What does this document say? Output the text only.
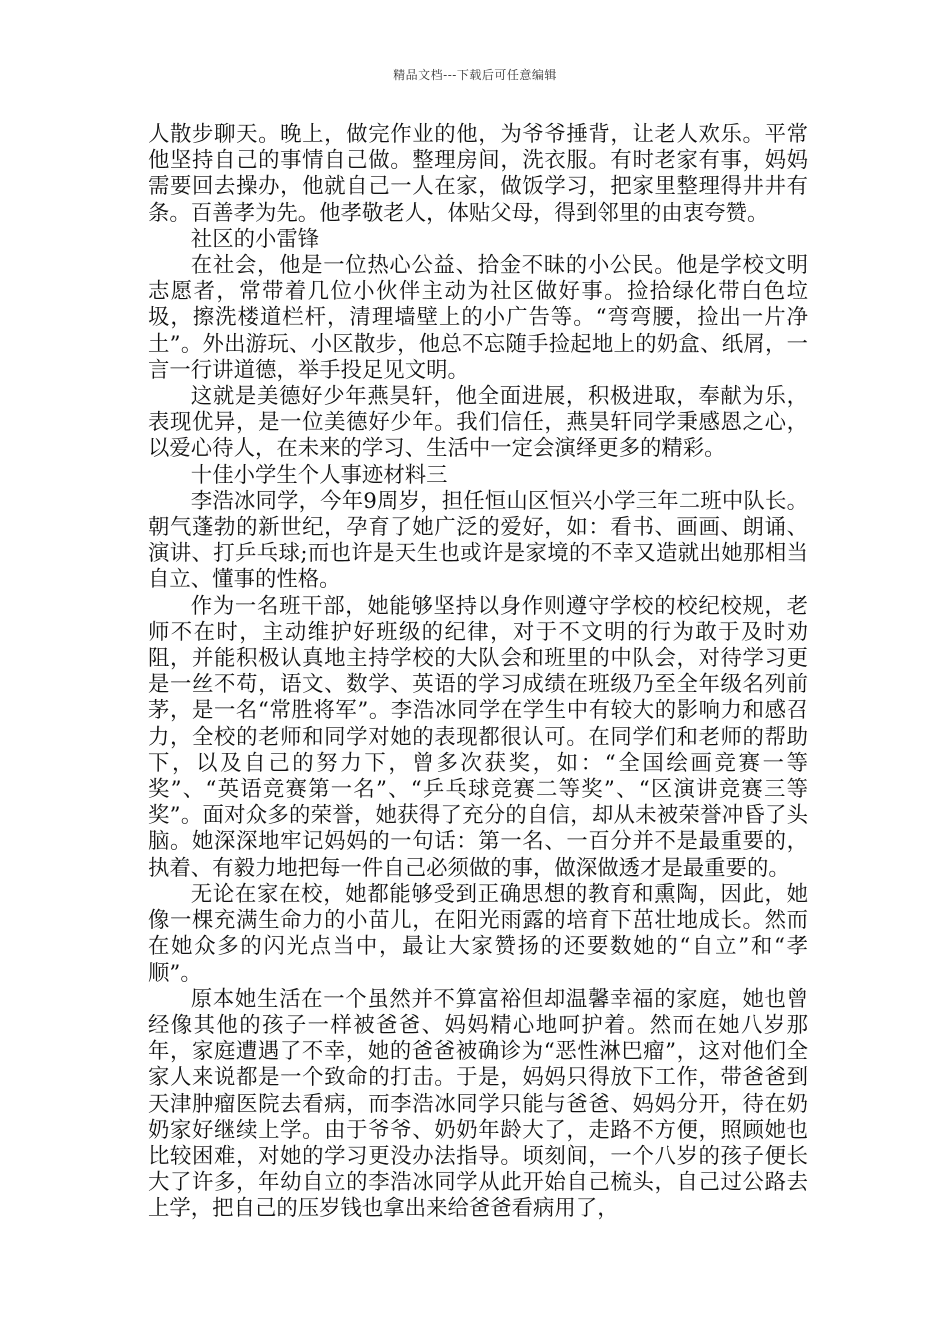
精品文档---下载后可任意编辑

人散步聊天。晚上，做完作业的他，为爷爷捶背，让老人欢乐。平常他坚持自己的事情自己做。整理房间，洗衣服。有时老家有事，妈妈需要回去操办，他就自己一人在家，做饭学习，把家里整理得井井有条。百善孝为先。他孝敬老人，体贴父母，得到邻里的由衷夸赞。

社区的小雷锋

在社会，他是一位热心公益、拾金不昧的小公民。他是学校文明志愿者，常带着几位小伙伴主动为社区做好事。捡拾绿化带白色垃圾，擦洗楼道栏杆，清理墙壁上的小广告等。“弯弯腰，捡出一片净土”。外出游玩、小区散步，他总不忘随手捡起地上的奶盒、纸屑，一言一行讲道德，举手投足见文明。

这就是美德好少年燕昊轩，他全面进展，积极进取，奉献为乐，表现优异，是一位美德好少年。我们信任，燕昊轩同学秉感恩之心，以爱心待人，在未来的学习、生活中一定会演绎更多的精彩。

十佳小学生个人事迹材料三

李浩冰同学，今年9周岁，担任恒山区恒兴小学三年二班中队长。朝气蓬勃的新世纪，孕育了她广泛的爱好，如：看书、画画、朗诵、演讲、打乒乓球;而也许是天生也或许是家境的不幸又造就出她那相当自立、懂事的性格。

作为一名班干部，她能够坚持以身作则遵守学校的校纪校规，老师不在时，主动维护好班级的纪律，对于不文明的行为敢于及时劝阻，并能积极认真地主持学校的大队会和班里的中队会，对待学习更是一丝不苟，语文、数学、英语的学习成绩在班级乃至全年级名列前茅，是一名“常胜将军”。李浩冰同学在学生中有较大的影响力和感召力，全校的老师和同学对她的表现都很认可。在同学们和老师的帮助下，以及自己的努力下，曾多次获奖，如：“全国绘画竞赛一等奖”、“英语竞赛第一名”、“乒乓球竞赛二等奖”、“区演讲竞赛三等奖”。面对众多的荣誉，她获得了充分的自信，却从未被荣誉冲昏了头脑。她深深地牢记妈妈的一句话：第一名、一百分并不是最重要的，执着、有毅力地把每一件自己必须做的事，做深做透才是最重要的。

无论在家在校，她都能够受到正确思想的教育和熏陶，因此，她像一棵充满生命力的小苗儿，在阳光雨露的培育下茁壮地成长。然而在她众多的闪光点当中，最让大家赞扬的还要数她的“自立”和“孝顺”。

原本她生活在一个虽然并不算富裕但却温馨幸福的家庭，她也曾经像其他的孩子一样被爸爸、妈妈精心地呵护着。然而在她八岁那年，家庭遭遇了不幸，她的爸爸被确诊为“恶性淋巴瘤”，这对他们全家人来说都是一个致命的打击。于是，妈妈只得放下工作，带爸爸到天津肿瘤医院去看病，而李浩冰同学只能与爸爸、妈妈分开，待在奶奶家好继续上学。由于爷爷、奶奶年龄大了，走路不方便，照顾她也比较困难，对她的学习更没办法指导。顷刻间，一个八岁的孩子便长大了许多，年幼自立的李浩冰同学从此开始自己梳头，自己过公路去上学，把自己的压岁钱也拿出来给爸爸看病用了，
